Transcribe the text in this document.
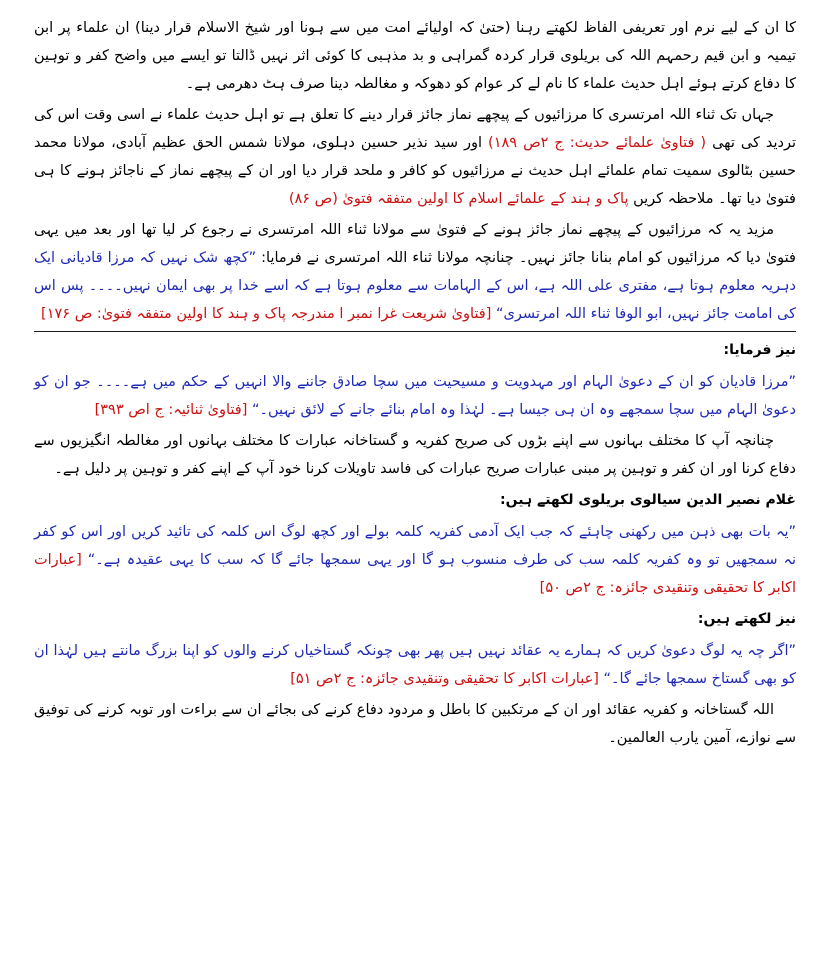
کا ان کے لیے نرم اور تعریفی الفاظ لکھتے رہنا (حتیٰ کہ اولیائے امت میں سے ہونا اور شیخ الاسلام قرار دینا) ان علماء پر ابن تیمیہ و ابن قیم رحمہم اللہ کی بریلوی قرار کردہ گمراہی و بد مذہبی کا کوئی اثر نہیں ڈالتا تو ایسے میں واضح کفر و توہین کا دفاع کرتے ہوئے اہل حدیث علماء کا نام لے کر عوام کو دھوکہ و مغالطہ دینا صرف ہٹ دھرمی ہے۔

جہاں تک ثناء اللہ امرتسری کا مرزائیوں کے پیچھے نماز جائز قرار دینے کا تعلق ہے تو اہل حدیث علماء نے اسی وقت اس کی تردید کی تھی ( فتاویٰ علمائے حدیث: ج ۲ص ۱۸۹) اور سید نذیر حسین دہلوی، مولانا شمس الحق عظیم آبادی، مولانا محمد حسین بٹالوی سمیت تمام علمائے اہل حدیث نے مرزائیوں کو کافر و ملحد قرار دیا اور ان کے پیچھے نماز کے ناجائز ہونے کا ہی فتویٰ دیا تھا۔ ملاحظہ کریں پاک و ہند کے علمائے اسلام کا اولین متفقہ فتویٰ (ص ۸۶)

مزید یہ کہ مرزائیوں کے پیچھے نماز جائز ہونے کے فتویٰ سے مولانا ثناء اللہ امرتسری نے رجوع کر لیا تھا اور بعد میں یہی فتویٰ دیا کہ مرزائیوں کو امام بنانا جائز نہیں۔ چنانچہ مولانا ثناء اللہ امرتسری نے فرمایا: ”کچھ شک نہیں کہ مرزا قادیانی ایک دہریہ معلوم ہوتا ہے، مفتری علی اللہ ہے، اس کے الہامات سے معلوم ہوتا ہے کہ اسے خدا پر بھی ایمان نہیں۔۔۔۔ پس اس کی امامت جائز نہیں، ابو الوفا ثناء اللہ امرتسری“ [فتاویٰ شریعت غرا نمبر ا مندرجہ پاک و ہند کا اولین متفقہ فتویٰ: ص ۱۷۶]

نیز فرمایا:

”مرزا قادیان کو ان کے دعویٰ الہام اور مہدویت و مسیحیت میں سچا صادق جاننے والا انہیں کے حکم میں ہے۔۔۔۔ جو ان کو دعویٰ الہام میں سچا سمجھے وہ ان ہی جیسا ہے۔ لہٰذا وہ امام بنائے جانے کے لائق نہیں۔“ [فتاویٰ ثنائیہ: ج اص ۳۹۳]

چنانچہ آپ کا مختلف بہانوں سے اپنے بڑوں کی صریح کفریہ و گستاخانہ عبارات کا مختلف بہانوں اور مغالطہ انگیزیوں سے دفاع کرنا اور ان کفر و توہین پر مبنی عبارات صریح عبارات کی فاسد تاویلات کرنا خود آپ کے اپنے کفر و توہین پر دلیل ہے۔

غلام نصیر الدین سیالوی بریلوی لکھتے ہیں:

”یہ بات بھی ذہن میں رکھنی چاہئے کہ جب ایک آدمی کفریہ کلمہ بولے اور کچھ لوگ اس کلمہ کی تائید کریں اور اس کو کفر نہ سمجھیں تو وہ کفریہ کلمہ سب کی طرف منسوب ہو گا اور یہی سمجھا جائے گا کہ سب کا یہی عقیدہ ہے۔“ [عبارات اکابر کا تحقیقی وتنقیدی جائزہ: ج ۲ص ۵۰]

نیز لکھتے ہیں:

”اگر چہ یہ لوگ دعویٰ کریں کہ ہمارے یہ عقائد نہیں ہیں پھر بھی چونکہ گستاخیاں کرنے والوں کو اپنا بزرگ مانتے ہیں لہٰذا ان کو بھی گستاخ سمجھا جائے گا۔“ [عبارات اکابر کا تحقیقی وتنقیدی جائزہ: ج ۲ص ۵۱]

اللہ گستاخانہ و کفریہ عقائد اور ان کے مرتکبین کا باطل و مردود دفاع کرنے کی بجائے ان سے براءت اور توبہ کرنے کی توفیق سے نوازے، آمین یارب العالمین۔
